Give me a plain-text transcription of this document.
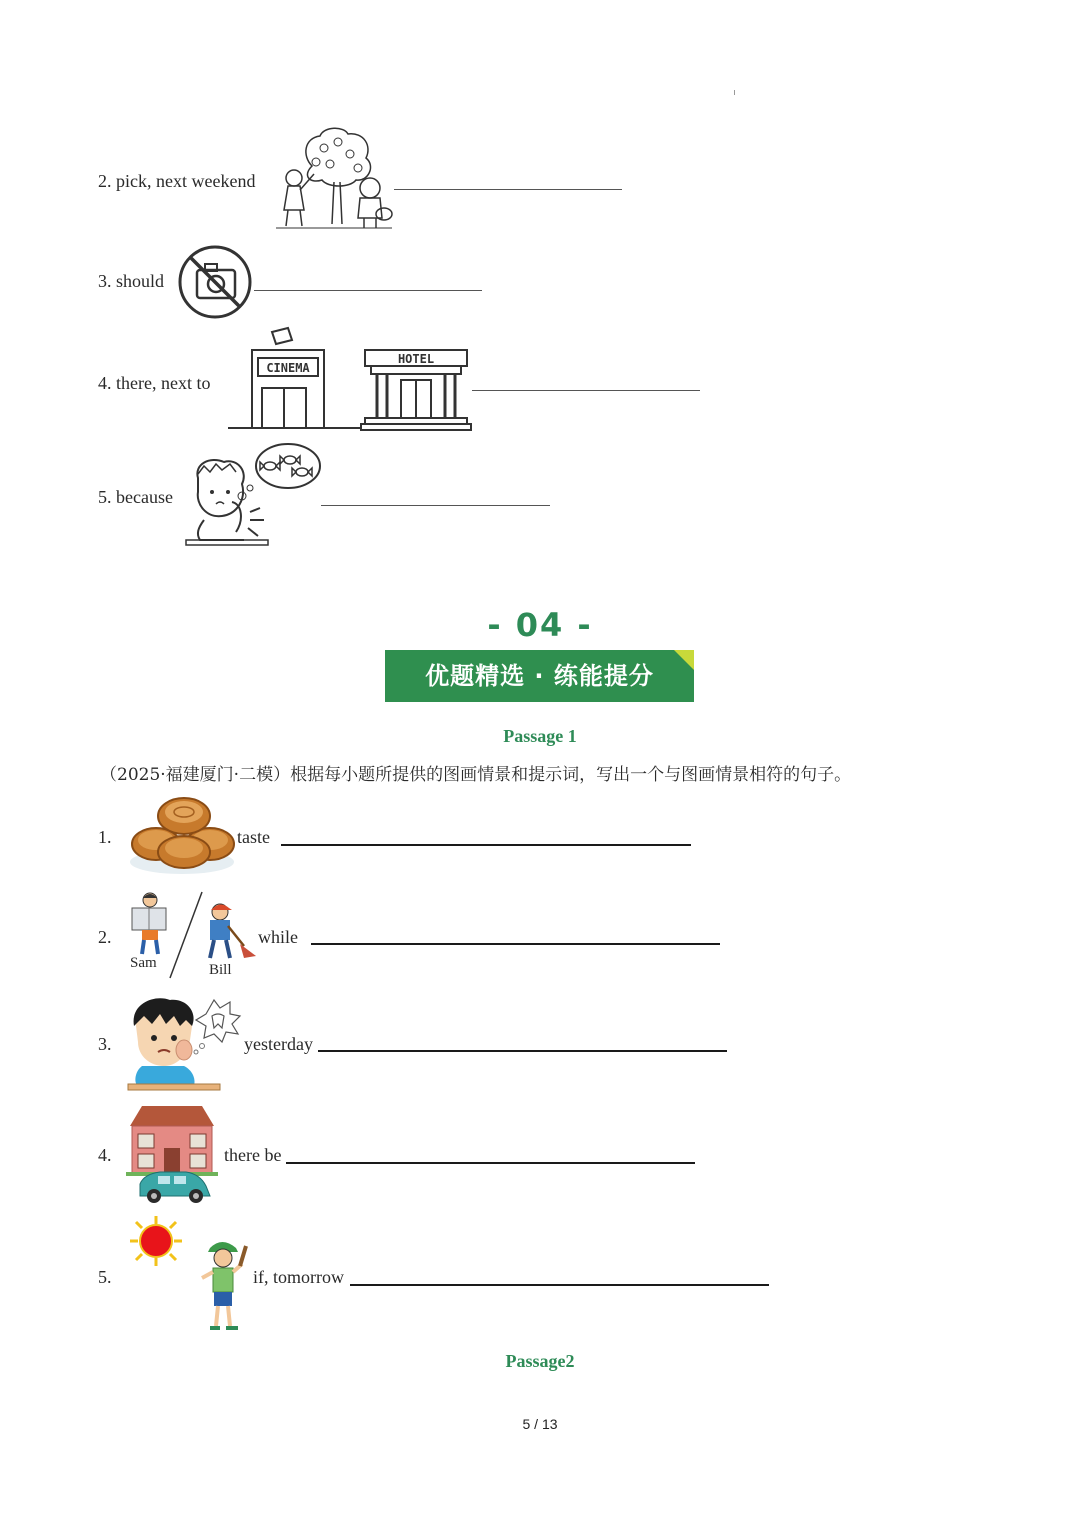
2. pick, next weekend
3. should
4. there, next to
CINEMA
HOTEL
5. because
- 04 -
优题精选 · 练能提分
Passage 1
（2025·福建厦门·二模）根据每小题所提供的图画情景和提示词，写出一个与图画情景相符的句子。
1.	taste
2.
Sam	Bill
while
3.	yesterday
4.	there be
5.	if, tomorrow
Passage2
5 / 13
